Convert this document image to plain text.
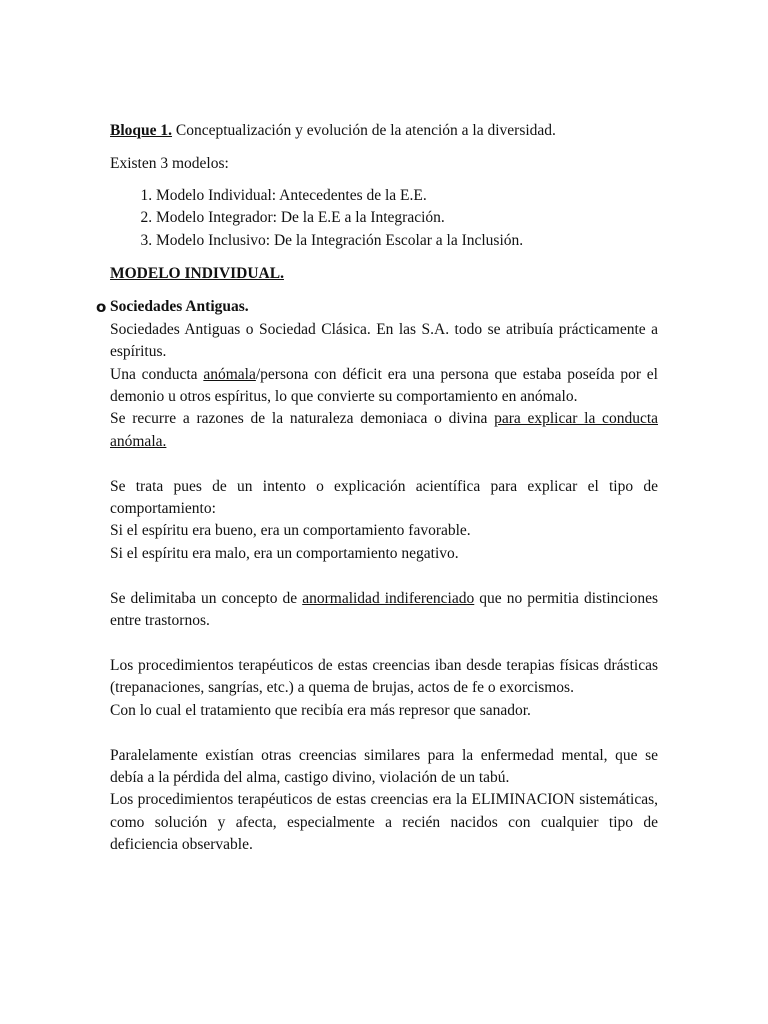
Bloque 1. Conceptualización y evolución de la atención a la diversidad.

Existen 3 modelos:

1. Modelo Individual: Antecedentes de la E.E.
2. Modelo Integrador: De la E.E a la Integración.
3. Modelo Inclusivo: De la Integración Escolar a la Inclusión.

MODELO INDIVIDUAL.

o Sociedades Antiguas.

Sociedades Antiguas o Sociedad Clásica. En las S.A. todo se atribuía prácticamente a espíritus.

Una conducta anómala/persona con déficit era una persona que estaba poseída por el demonio u otros espíritus, lo que convierte su comportamiento en anómalo.

Se recurre a razones de la naturaleza demoniaca o divina para explicar la conducta anómala.

Se trata pues de un intento o explicación acientífica para explicar el tipo de comportamiento:

Si el espíritu era bueno, era un comportamiento favorable.

Si el espíritu era malo, era un comportamiento negativo.

Se delimitaba un concepto de anormalidad indiferenciado que no permitia distinciones entre trastornos.

Los procedimientos terapéuticos de estas creencias iban desde terapias físicas drásticas (trepanaciones, sangrías, etc.) a quema de brujas, actos de fe o exorcismos.

Con lo cual el tratamiento que recibía era más represor que sanador.

Paralelamente existían otras creencias similares para la enfermedad mental, que se debía a la pérdida del alma, castigo divino, violación de un tabú.

Los procedimientos terapéuticos de estas creencias era la ELIMINACION sistemáticas, como solución y afecta, especialmente a recién nacidos con cualquier tipo de deficiencia observable.
